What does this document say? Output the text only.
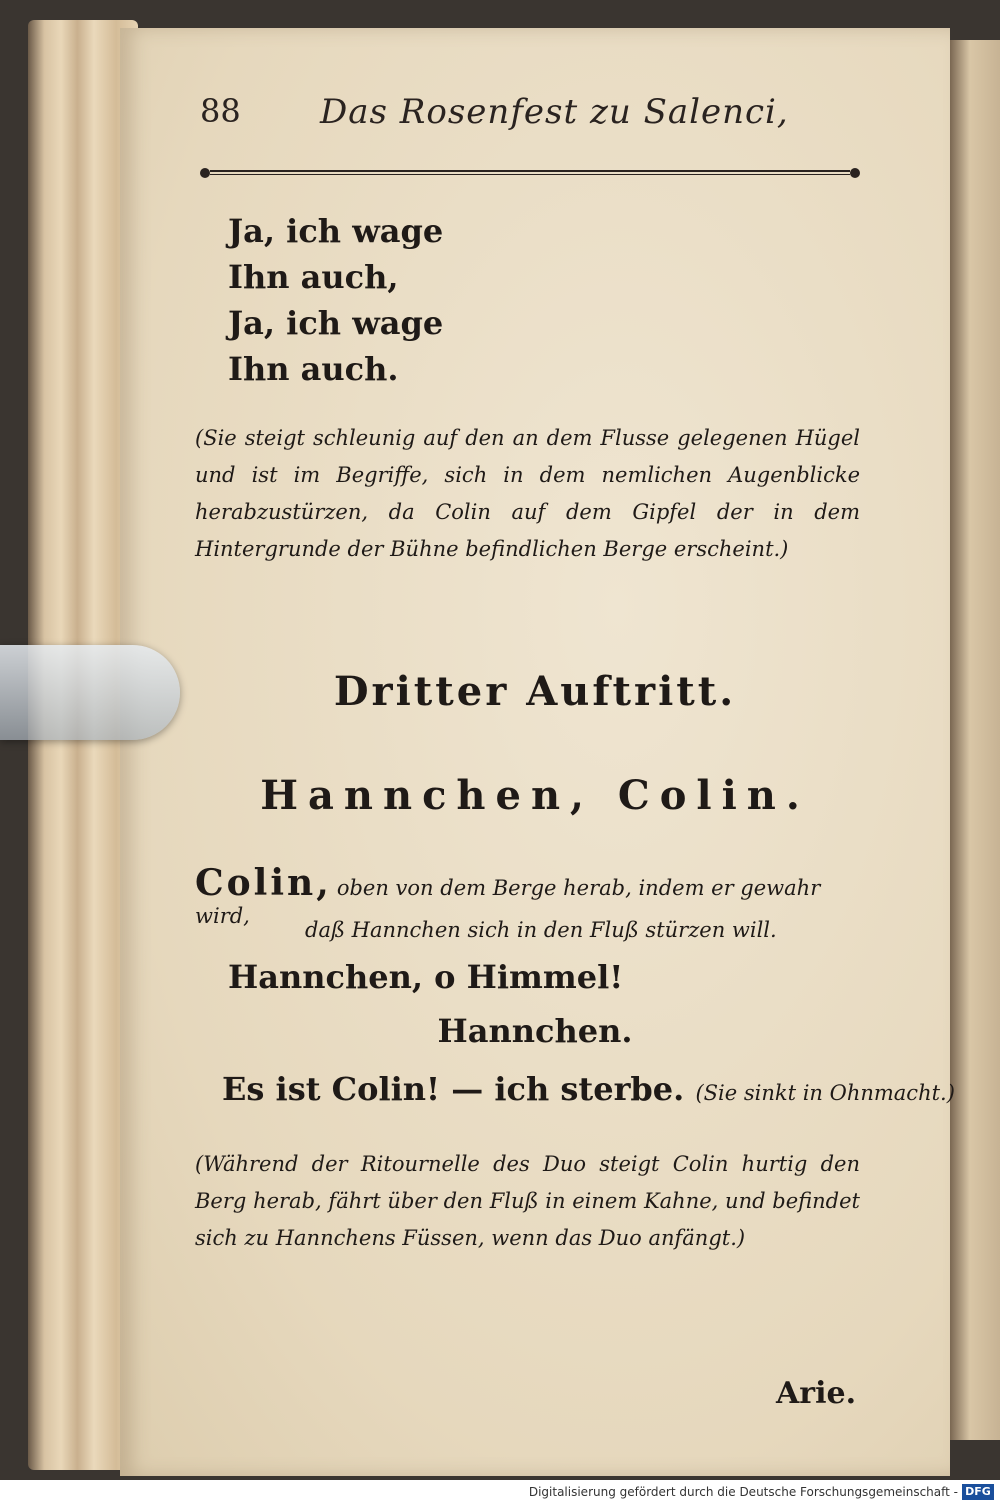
88 Das Rosenfest zu Salenci,
Ja, ich wage
Ihn auch,
Ja, ich wage
Ihn auch.
(Sie steigt schleunig auf den an dem Flusse gelegenen Hügel und ist im Begriffe, sich in dem nemlichen Augenblicke herabzustürzen, da Colin auf dem Gipfel der in dem Hintergrunde der Bühne befindlichen Berge erscheint.)
Dritter Auftritt.
Hannchen, Colin.
Colin, oben von dem Berge herab, indem er gewahr wird,
daß Hannchen sich in den Fluß stürzen will.
Hannchen, o Himmel!
Hannchen.
Es ist Colin! — ich sterbe. (Sie sinkt in Ohnmacht.)
(Während der Ritournelle des Duo steigt Colin hurtig den Berg herab, fährt über den Fluß in einem Kahne, und befindet sich zu Hannchens Füssen, wenn das Duo anfängt.)
Arie.
Digitalisierung gefördert durch die Deutsche Forschungsgemeinschaft - DFG
